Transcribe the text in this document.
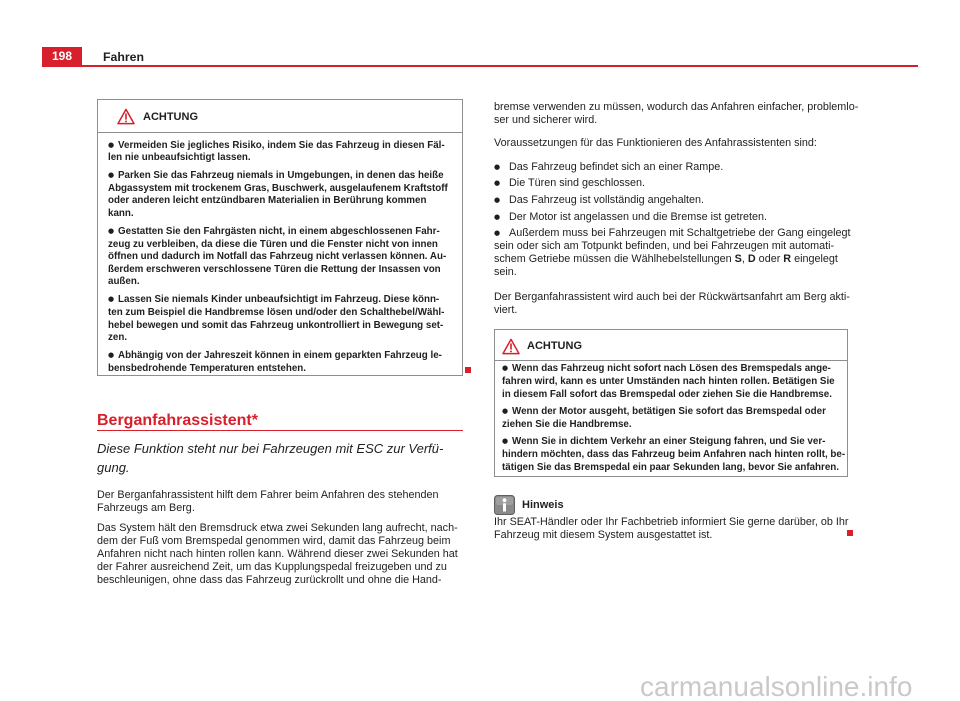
198	Fahren
ACHTUNG
● Vermeiden Sie jegliches Risiko, indem Sie das Fahrzeug in diesen Fäl-
len nie unbeaufsichtigt lassen.
● Parken Sie das Fahrzeug niemals in Umgebungen, in denen das heiße
Abgassystem mit trockenem Gras, Buschwerk, ausgelaufenem Kraftstoff
oder anderen leicht entzündbaren Materialien in Berührung kommen
kann.
● Gestatten Sie den Fahrgästen nicht, in einem abgeschlossenen Fahr-
zeug zu verbleiben, da diese die Türen und die Fenster nicht von innen
öffnen und dadurch im Notfall das Fahrzeug nicht verlassen können. Au-
ßerdem erschweren verschlossene Türen die Rettung der Insassen von
außen.
● Lassen Sie niemals Kinder unbeaufsichtigt im Fahrzeug. Diese könn-
ten zum Beispiel die Handbremse lösen und/oder den Schalthebel/Wähl-
hebel bewegen und somit das Fahrzeug unkontrolliert in Bewegung set-
zen.
● Abhängig von der Jahreszeit können in einem geparkten Fahrzeug le-
bensbedrohende Temperaturen entstehen.
Berganfahrassistent*
Diese Funktion steht nur bei Fahrzeugen mit ESC zur Verfü-
gung.
Der Berganfahrassistent hilft dem Fahrer beim Anfahren des stehenden
Fahrzeugs am Berg.
Das System hält den Bremsdruck etwa zwei Sekunden lang aufrecht, nach-
dem der Fuß vom Bremspedal genommen wird, damit das Fahrzeug beim
Anfahren nicht nach hinten rollen kann. Während dieser zwei Sekunden hat
der Fahrer ausreichend Zeit, um das Kupplungspedal freizugeben und zu
beschleunigen, ohne dass das Fahrzeug zurückrollt und ohne die Hand-
bremse verwenden zu müssen, wodurch das Anfahren einfacher, problemlo-
ser und sicherer wird.
Voraussetzungen für das Funktionieren des Anfahrassistenten sind:
● Das Fahrzeug befindet sich an einer Rampe.
● Die Türen sind geschlossen.
● Das Fahrzeug ist vollständig angehalten.
● Der Motor ist angelassen und die Bremse ist getreten.
● Außerdem muss bei Fahrzeugen mit Schaltgetriebe der Gang eingelegt
sein oder sich am Totpunkt befinden, und bei Fahrzeugen mit automati-
schem Getriebe müssen die Wählhebelstellungen S, D oder R eingelegt
sein.
Der Berganfahrassistent wird auch bei der Rückwärtsanfahrt am Berg akti-
viert.
ACHTUNG
● Wenn das Fahrzeug nicht sofort nach Lösen des Bremspedals ange-
fahren wird, kann es unter Umständen nach hinten rollen. Betätigen Sie
in diesem Fall sofort das Bremspedal oder ziehen Sie die Handbremse.
● Wenn der Motor ausgeht, betätigen Sie sofort das Bremspedal oder
ziehen Sie die Handbremse.
● Wenn Sie in dichtem Verkehr an einer Steigung fahren, und Sie ver-
hindern möchten, dass das Fahrzeug beim Anfahren nach hinten rollt, be-
tätigen Sie das Bremspedal ein paar Sekunden lang, bevor Sie anfahren.
Hinweis
Ihr SEAT-Händler oder Ihr Fachbetrieb informiert Sie gerne darüber, ob Ihr
Fahrzeug mit diesem System ausgestattet ist.
carmanualsonline.info
